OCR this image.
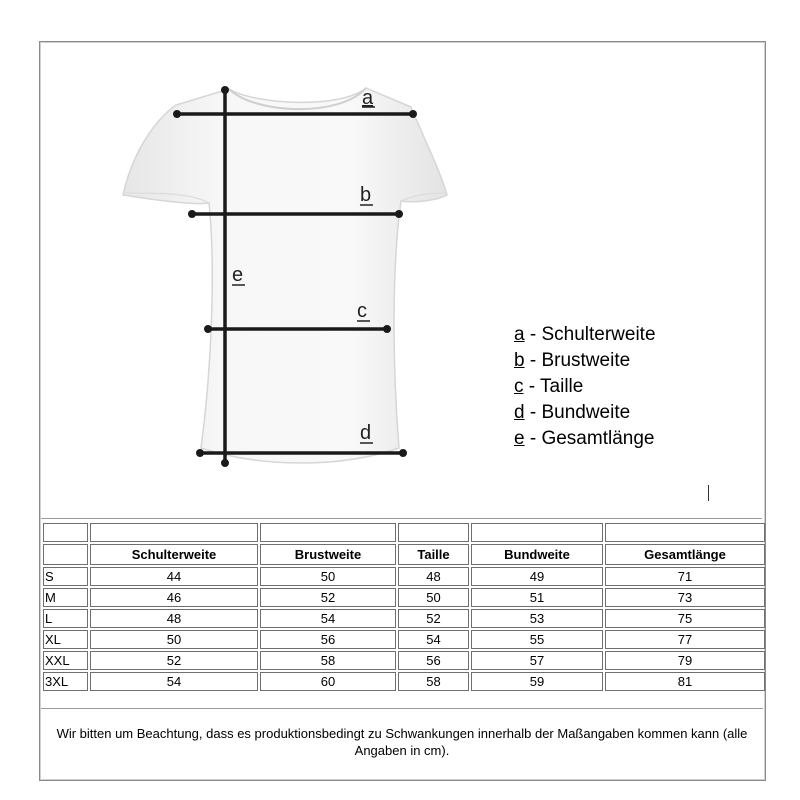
a
b
e
c
d
a - Schulterweite
b - Brustweite
c - Taille
d - Bundweite
e - Gesamtlänge

	Schulterweite	Brustweite	Taille	Bundweite	Gesamtlänge
S	44	50	48	49	71
M	46	52	50	51	73
L	48	54	52	53	75
XL	50	56	54	55	77
XXL	52	58	56	57	79
3XL	54	60	58	59	81
Wir bitten um Beachtung, dass es produktionsbedingt zu Schwankungen innerhalb der Maßangaben kommen kann (alle Angaben in cm).
